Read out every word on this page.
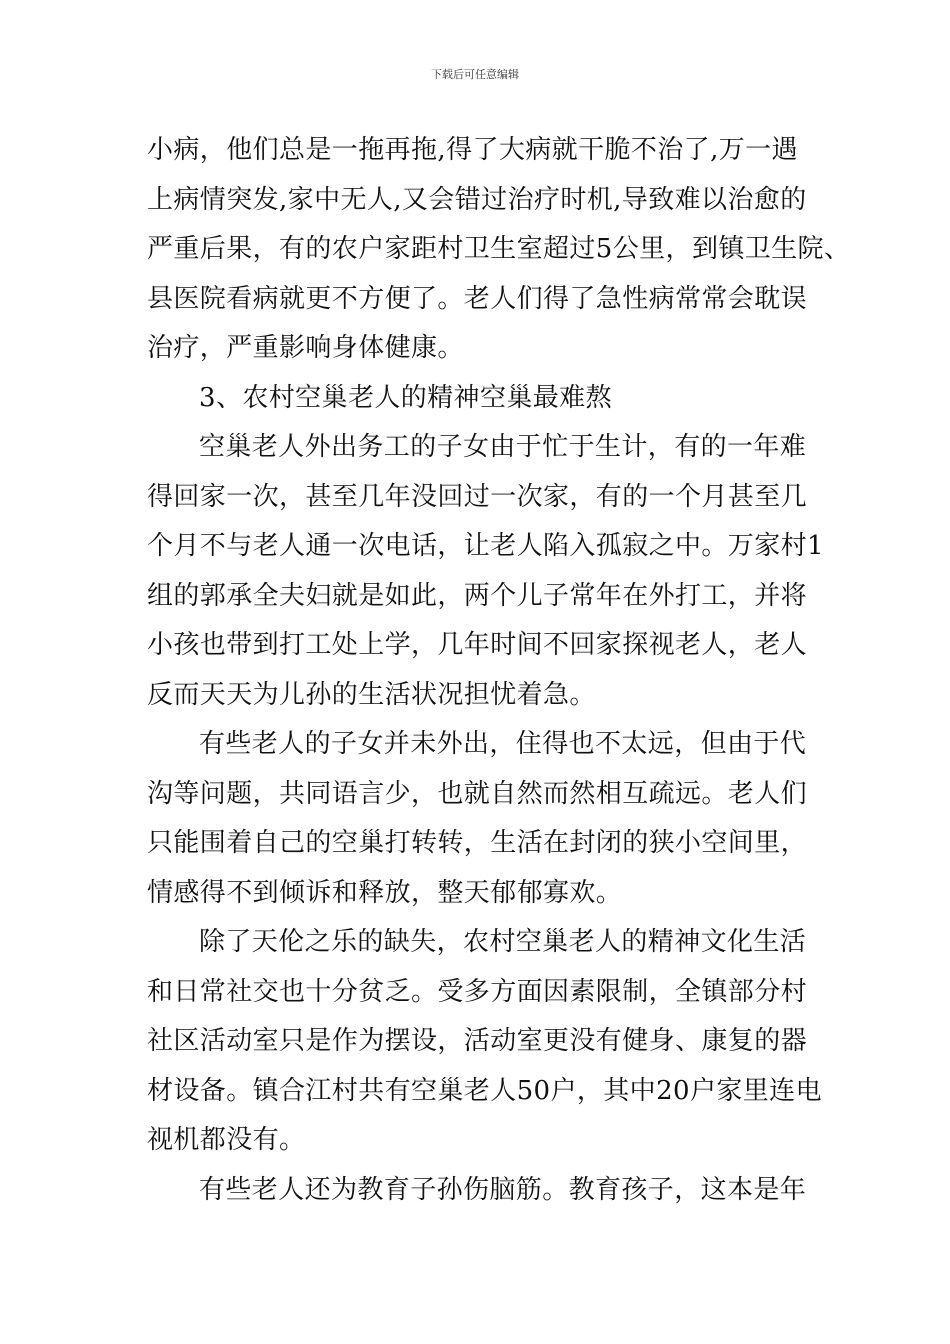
下载后可任意编辑
小病，他们总是一拖再拖,得了大病就干脆不治了,万一遇
上病情突发,家中无人,又会错过治疗时机,导致难以治愈的
严重后果，有的农户家距村卫生室超过5公里，到镇卫生院、
县医院看病就更不方便了。老人们得了急性病常常会耽误
治疗，严重影响身体健康。
3、农村空巢老人的精神空巢最难熬
空巢老人外出务工的子女由于忙于生计，有的一年难
得回家一次，甚至几年没回过一次家，有的一个月甚至几
个月不与老人通一次电话，让老人陷入孤寂之中。万家村1
组的郭承全夫妇就是如此，两个儿子常年在外打工，并将
小孩也带到打工处上学，几年时间不回家探视老人，老人
反而天天为儿孙的生活状况担忧着急。
有些老人的子女并未外出，住得也不太远，但由于代
沟等问题，共同语言少，也就自然而然相互疏远。老人们
只能围着自己的空巢打转转，生活在封闭的狭小空间里，
情感得不到倾诉和释放，整天郁郁寡欢。
除了天伦之乐的缺失，农村空巢老人的精神文化生活
和日常社交也十分贫乏。受多方面因素限制，全镇部分村
社区活动室只是作为摆设，活动室更没有健身、康复的器
材设备。镇合江村共有空巢老人50户，其中20户家里连电
视机都没有。
有些老人还为教育子孙伤脑筋。教育孩子，这本是年
